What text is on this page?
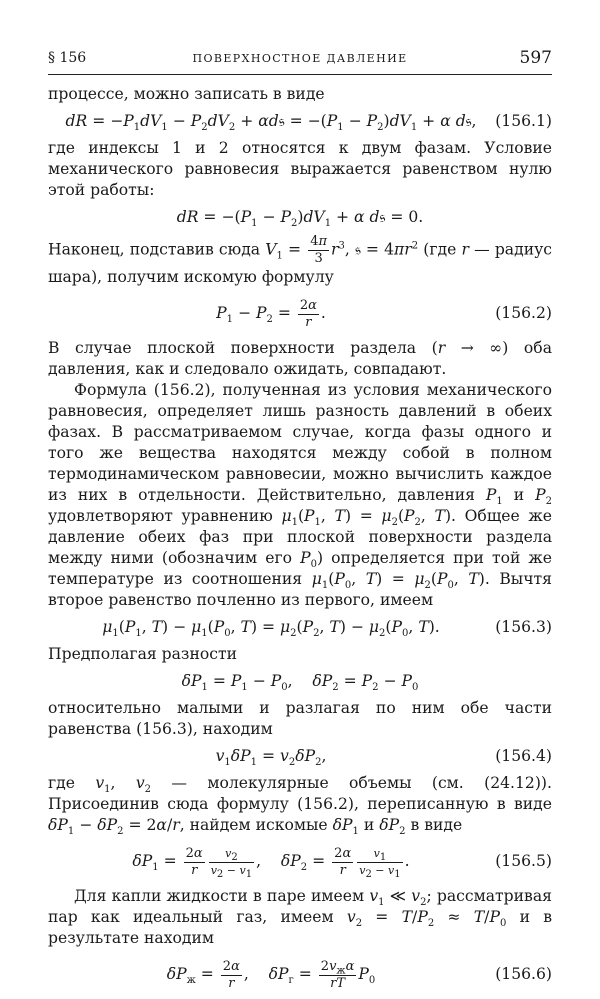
§ 156	ПОВЕРХНОСТНОЕ ДАВЛЕНИЕ	597

процессе, можно записать в виде

dR = $-P_1dV_1 - P_2dV_2$ + αd𝔰 = $-(P_1 - P_2)dV_1 + \alpha$ d𝔰,	(156.1)

где индексы 1 и 2 относятся к двум фазам. Условие механического равновесия выражается равенством нулю этой работы:

dR = $-(P_1 - P_2)dV_1 + \alpha$ d𝔰 = 0.

Наконец, подставив сюда $V_1 = \frac{4\pi}{3} r^3$, 𝔰 = $4\pi r^2$ (где r — радиус шара), получим искомую формулу

$P_1 - P_2 = \frac{2\alpha}{r}$ .	(156.2)

В случае плоской поверхности раздела (r → ∞) оба давления, как и следовало ожидать, совпадают.

Формула (156.2), полученная из условия механического равновесия, определяет лишь разность давлений в обеих фазах. В рассматриваемом случае, когда фазы одного и того же вещества находятся между собой в полном термодинамическом равновесии, можно вычислить каждое из них в отдельности. Действительно, давления $P_1$ и $P_2$ удовлетворяют уравнению $\mu_1(P_1$, $T) = \mu_2(P_2$, T). Общее же давление обеих фаз при плоской поверхности раздела между ними (обозначим его $P_0$) определяется при той же температуре из соотношения $\mu_1(P_0$, $T) = \mu_2(P_0$, T). Вычтя второе равенство почленно из первого, имеем

$\mu_1(P_1$, $T) - \mu_1(P_0$, $T) = \mu_2(P_2$, $T) - \mu_2(P_0$, T).	(156.3)

Предполагая разности

$\delta P_1 = P_1 - P_0$,    $\delta P_2 = P_2 - P_0$

относительно малыми и разлагая по ним обе части равенства (156.3), находим

$v_1\delta P_1 = v_2\delta P_2$,	(156.4)

где $v_1$, $v_2$ — молекулярные объемы (см. (24.12)). Присоединив сюда формулу (156.2), переписанную в виде $\delta P_1 - \delta P_2 = 2\alpha/r$, найдем искомые $\delta P_1$ и $\delta P_2$ в виде

$\delta P_1 = \frac{2\alpha}{r} \frac{v_2}{v_2 - v_1}$ ,    $\delta P_2 = \frac{2\alpha}{r} \frac{v_1}{v_2 - v_1}$ .	(156.5)

Для капли жидкости в паре имеем $v_1$ ≪ $v_2$; рассматривая пар как идеальный газ, имеем $v_2 = T/P_2 \approx T/P_0$ и в результате находим

$\delta P_ж = \frac{2\alpha}{r}$ ,    $\delta P_г = 2v_ж\alpha$
rT $P_0$	(156.6)
